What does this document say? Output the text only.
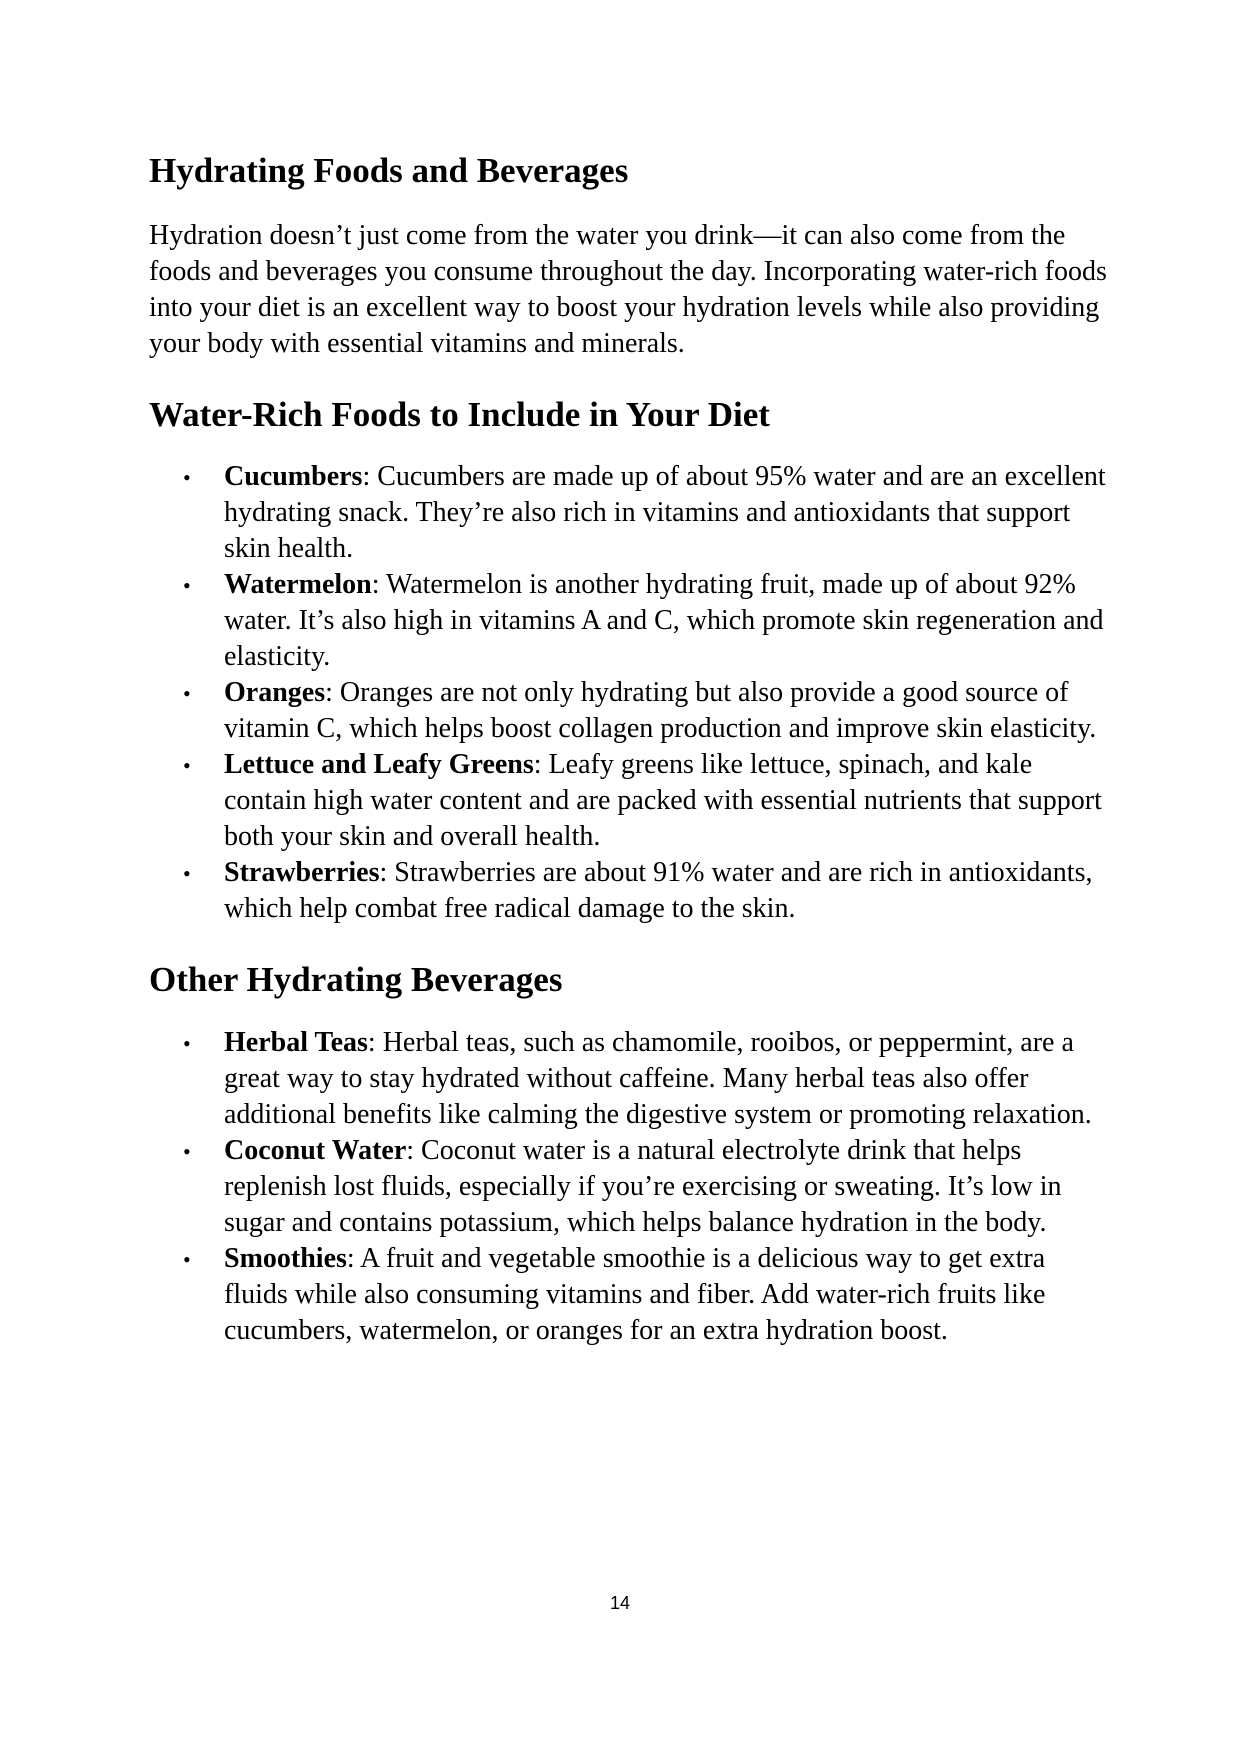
Hydrating Foods and Beverages

Hydration doesn’t just come from the water you drink—it can also come from the foods and beverages you consume throughout the day. Incorporating water-rich foods into your diet is an excellent way to boost your hydration levels while also providing your body with essential vitamins and minerals.

Water-Rich Foods to Include in Your Diet
• Cucumbers: Cucumbers are made up of about 95% water and are an excellent hydrating snack. They’re also rich in vitamins and antioxidants that support skin health.
• Watermelon: Watermelon is another hydrating fruit, made up of about 92% water. It’s also high in vitamins A and C, which promote skin regeneration and elasticity.
• Oranges: Oranges are not only hydrating but also provide a good source of vitamin C, which helps boost collagen production and improve skin elasticity.
• Lettuce and Leafy Greens: Leafy greens like lettuce, spinach, and kale contain high water content and are packed with essential nutrients that support both your skin and overall health.
• Strawberries: Strawberries are about 91% water and are rich in antioxidants, which help combat free radical damage to the skin.
Other Hydrating Beverages
• Herbal Teas: Herbal teas, such as chamomile, rooibos, or peppermint, are a great way to stay hydrated without caffeine. Many herbal teas also offer additional benefits like calming the digestive system or promoting relaxation.
• Coconut Water: Coconut water is a natural electrolyte drink that helps replenish lost fluids, especially if you’re exercising or sweating. It’s low in sugar and contains potassium, which helps balance hydration in the body.
• Smoothies: A fruit and vegetable smoothie is a delicious way to get extra fluids while also consuming vitamins and fiber. Add water-rich fruits like cucumbers, watermelon, or oranges for an extra hydration boost.
14
